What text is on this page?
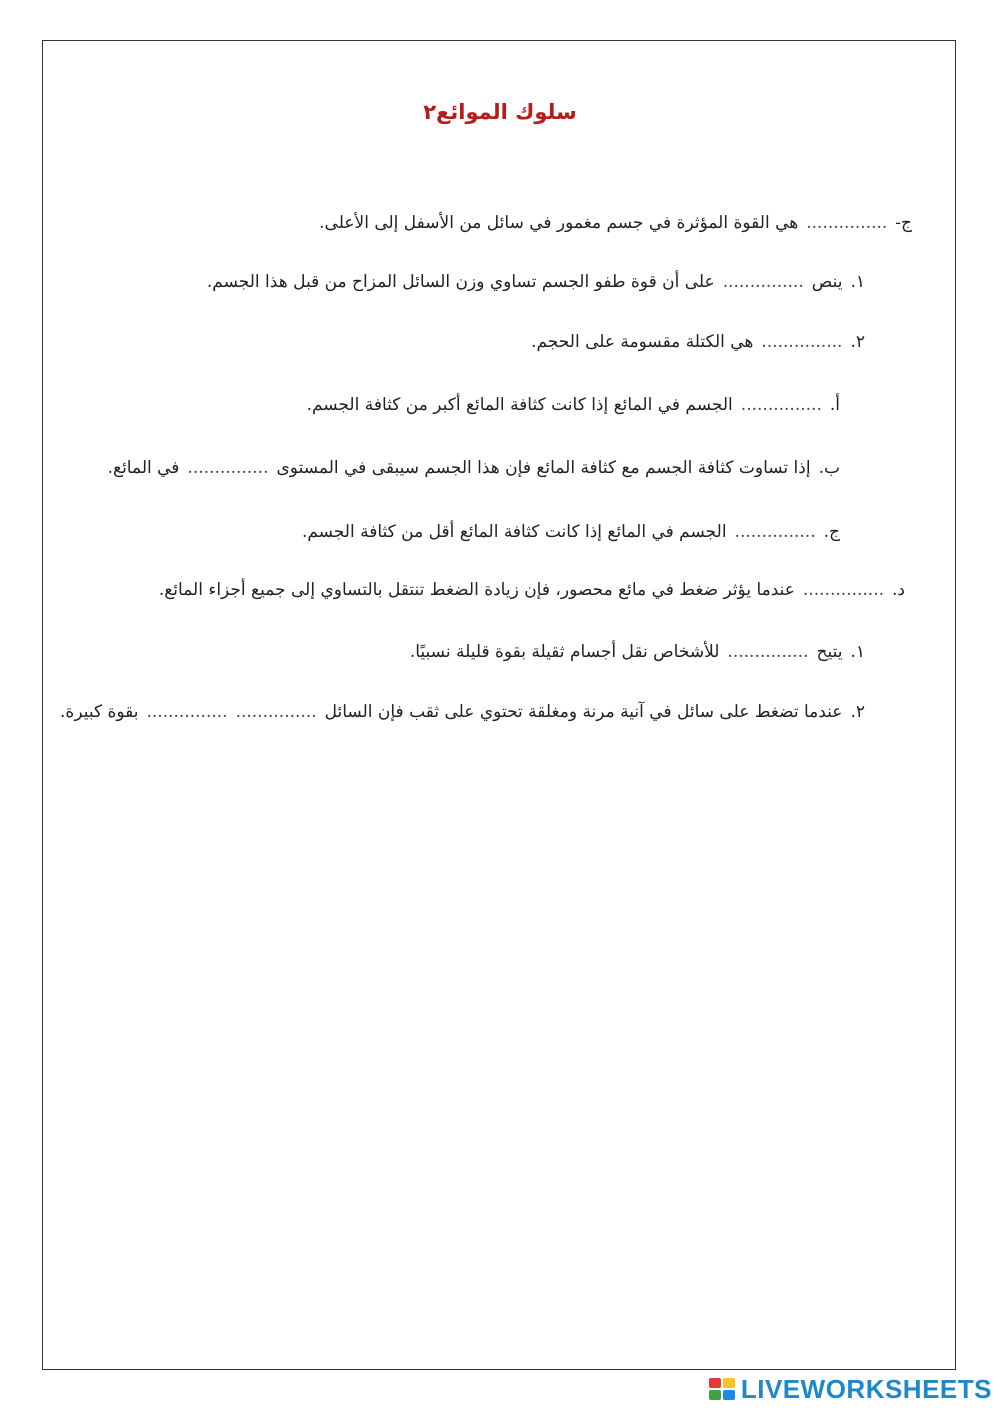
سلوك الموائع٢
ج-
...............
هي القوة المؤثرة في جسم مغمور في سائل من الأسفل إلى الأعلى.
١.
ينص
...............
على أن قوة طفو الجسم تساوي وزن السائل المزاح من قبل هذا الجسم.
٢.
...............
هي الكتلة مقسومة على الحجم.
أ.
...............
الجسم في المائع إذا كانت كثافة المائع أكبر من كثافة الجسم.
ب.
إذا تساوت كثافة الجسم مع كثافة المائع فإن هذا الجسم سيبقى في المستوى
...............
في المائع.
ج.
...............
الجسم في المائع إذا كانت كثافة المائع أقل من كثافة الجسم.
د.
...............
عندما يؤثر ضغط في مائع محصور، فإن زيادة الضغط تنتقل بالتساوي إلى جميع أجزاء المائع.
١.
يتيح
...............
للأشخاص نقل أجسام ثقيلة بقوة قليلة نسبيًا.
٢.
عندما تضغط على سائل في آنية مرنة ومغلقة تحتوي على ثقب فإن السائل
...............
...............
بقوة كبيرة.
LIVEWORKSHEETS
